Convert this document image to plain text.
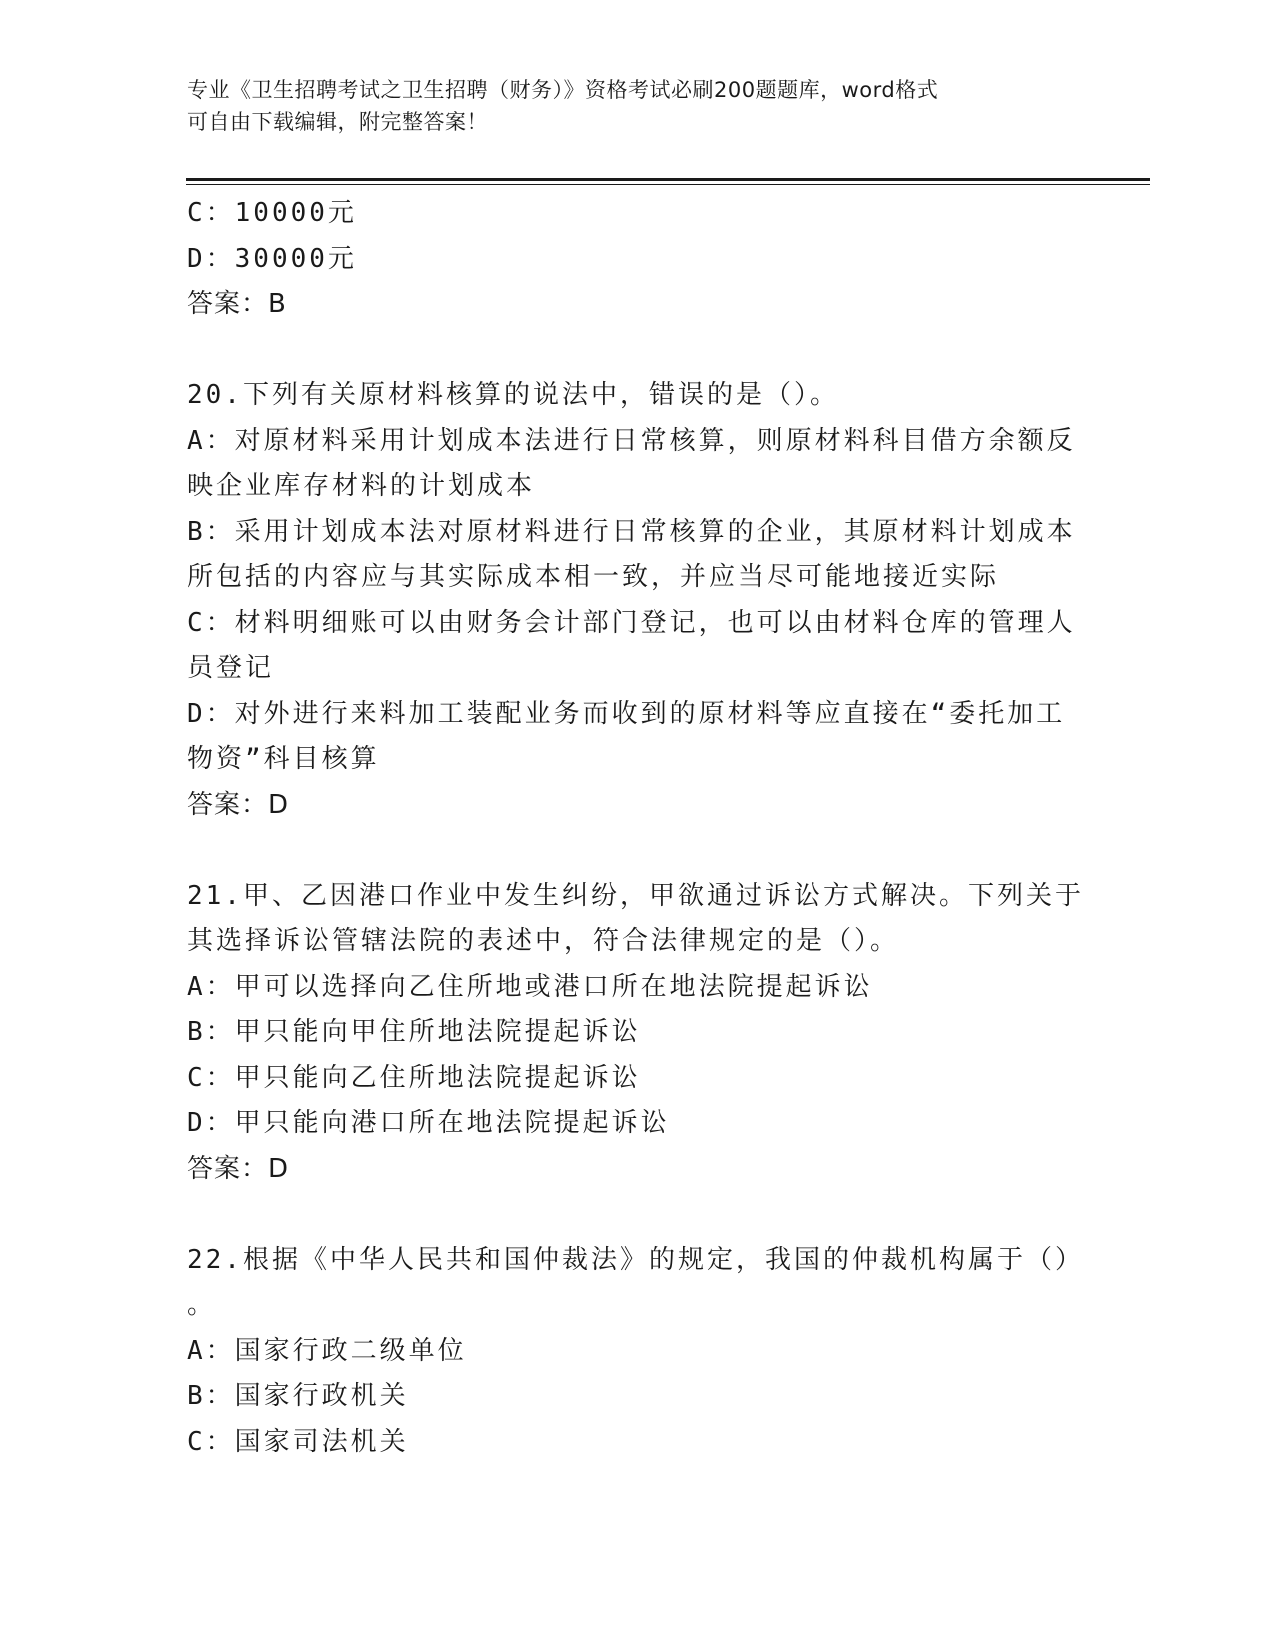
专业《卫生招聘考试之卫生招聘（财务）》资格考试必刷200题题库，word格式
可自由下载编辑，附完整答案！
C：10000元
D：30000元
答案：B
20.下列有关原材料核算的说法中，错误的是（）。
A：对原材料采用计划成本法进行日常核算，则原材料科目借方余额反
映企业库存材料的计划成本
B：采用计划成本法对原材料进行日常核算的企业，其原材料计划成本
所包括的内容应与其实际成本相一致，并应当尽可能地接近实际
C：材料明细账可以由财务会计部门登记，也可以由材料仓库的管理人
员登记
D：对外进行来料加工装配业务而收到的原材料等应直接在“委托加工
物资”科目核算
答案：D
21.甲、乙因港口作业中发生纠纷，甲欲通过诉讼方式解决。下列关于
其选择诉讼管辖法院的表述中，符合法律规定的是（）。
A：甲可以选择向乙住所地或港口所在地法院提起诉讼
B：甲只能向甲住所地法院提起诉讼
C：甲只能向乙住所地法院提起诉讼
D：甲只能向港口所在地法院提起诉讼
答案：D
22.根据《中华人民共和国仲裁法》的规定，我国的仲裁机构属于（）
。
A：国家行政二级单位
B：国家行政机关
C：国家司法机关
